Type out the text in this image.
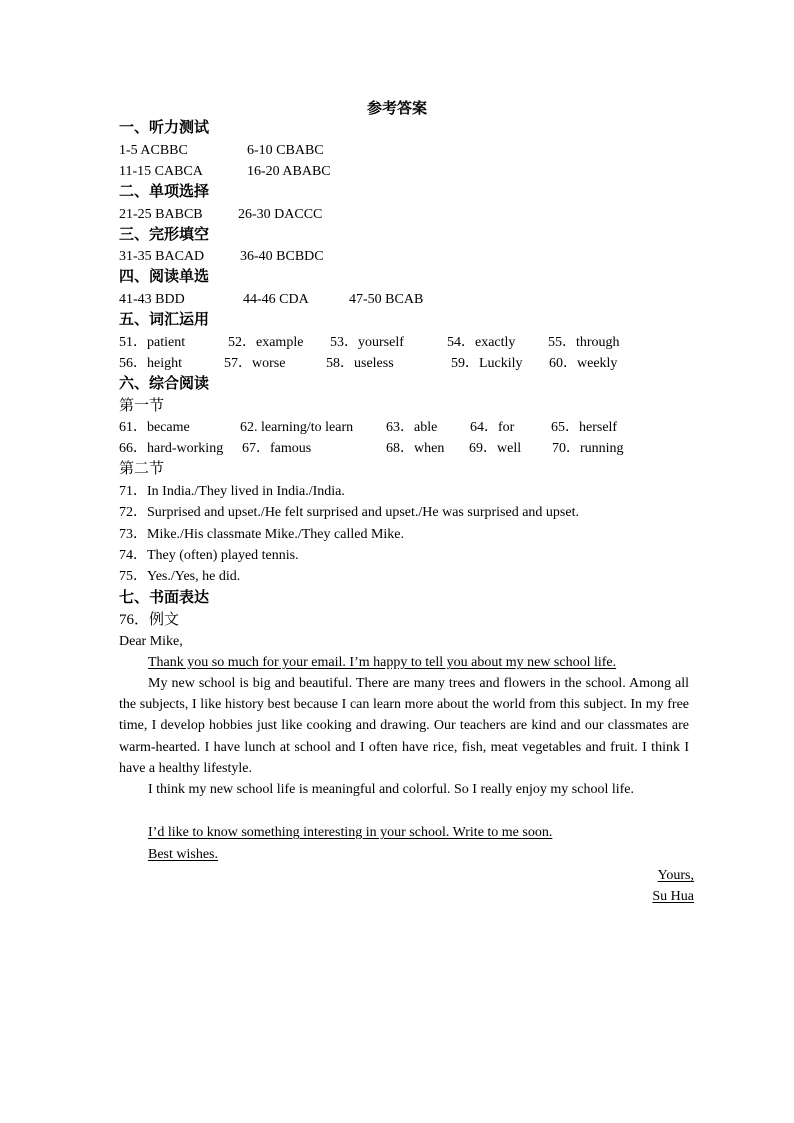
参考答案
一、听力测试
1-5 ACBBC	6-10 CBABC
11-15 CABCA	16-20 ABABC
二、单项选择
21-25 BABCB	26-30 DACCC
三、完形填空
31-35 BACAD	36-40 BCBDC
四、阅读单选
41-43 BDD	44-46 CDA	47-50 BCAB
五、词汇运用
51．patient	52．example 53．yourself	54．exactly 55．through
56．height	57．worse	58．useless	59．Luckily 60．weekly
六、综合阅读
第一节
61．became	62. learning/to learn 63．able 64．for	65．herself
66．hard-working 67．famous	68．when 69．well 70．running
第二节
71．In India./They lived in India./India.
72．Surprised and upset./He felt surprised and upset./He was surprised and upset.
73．Mike./His classmate Mike./They called Mike.
74．They (often) played tennis.
75．Yes./Yes, he did.
七、书面表达
76．例文
Dear Mike,
Thank you so much for your email. I’m happy to tell you about my new school life.
My new school is big and beautiful. There are many trees and flowers in the school. Among all the subjects, I like history best because I can learn more about the world from this subject. In my free time, I develop hobbies just like cooking and drawing. Our teachers are kind and our classmates are warm-hearted. I have lunch at school and I often have rice, fish, meat vegetables and fruit. I think I have a healthy lifestyle.
I think my new school life is meaningful and colorful. So I really enjoy my school life.
I’d like to know something interesting in your school. Write to me soon.
Best wishes.
Yours,
Su Hua
